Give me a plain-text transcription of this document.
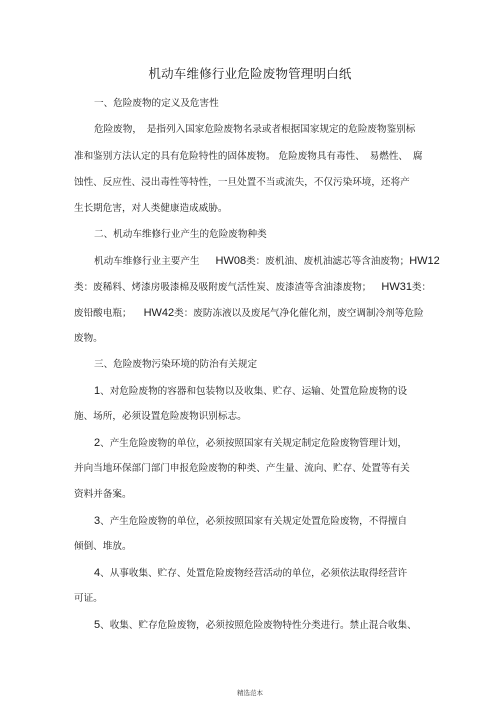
机动车维修行业危险废物管理明白纸
一、危险废物的定义及危害性
危险废物，　是指列入国家危险废物名录或者根据国家规定的危险废物鉴别标
准和鉴别方法认定的具有危险特性的固体废物。 危险废物具有毒性、　易燃性、　腐
蚀性、反应性、浸出毒性等特性，一旦处置不当或流失，不仅污染环境，还将产
生长期危害，对人类健康造成威胁。
二、机动车维修行业产生的危险废物种类
机动车维修行业主要产生 HW08类：废机油、废机油滤芯等含油废物；HW12
类：废稀料、烤漆房吸漆棉及吸附废气活性炭、废漆渣等含油漆废物； HW31类：
废铅酸电瓶； HW42类：废防冻液以及废尾气净化催化剂，废空调制冷剂等危险
废物。
三、危险废物污染环境的防治有关规定
1、对危险废物的容器和包装物以及收集、贮存、运输、处置危险废物的设
施、场所，必须设置危险废物识别标志。
2、产生危险废物的单位，必须按照国家有关规定制定危险废物管理计划，
并向当地环保部门部门申报危险废物的种类、产生量、流向、贮存、处置等有关
资料并备案。
3、产生危险废物的单位，必须按照国家有关规定处置危险废物，不得擅自
倾倒、堆放。
4、从事收集、贮存、处置危险废物经营活动的单位，必须依法取得经营许
可证。
5、收集、贮存危险废物，必须按照危险废物特性分类进行。禁止混合收集、
精选范本
